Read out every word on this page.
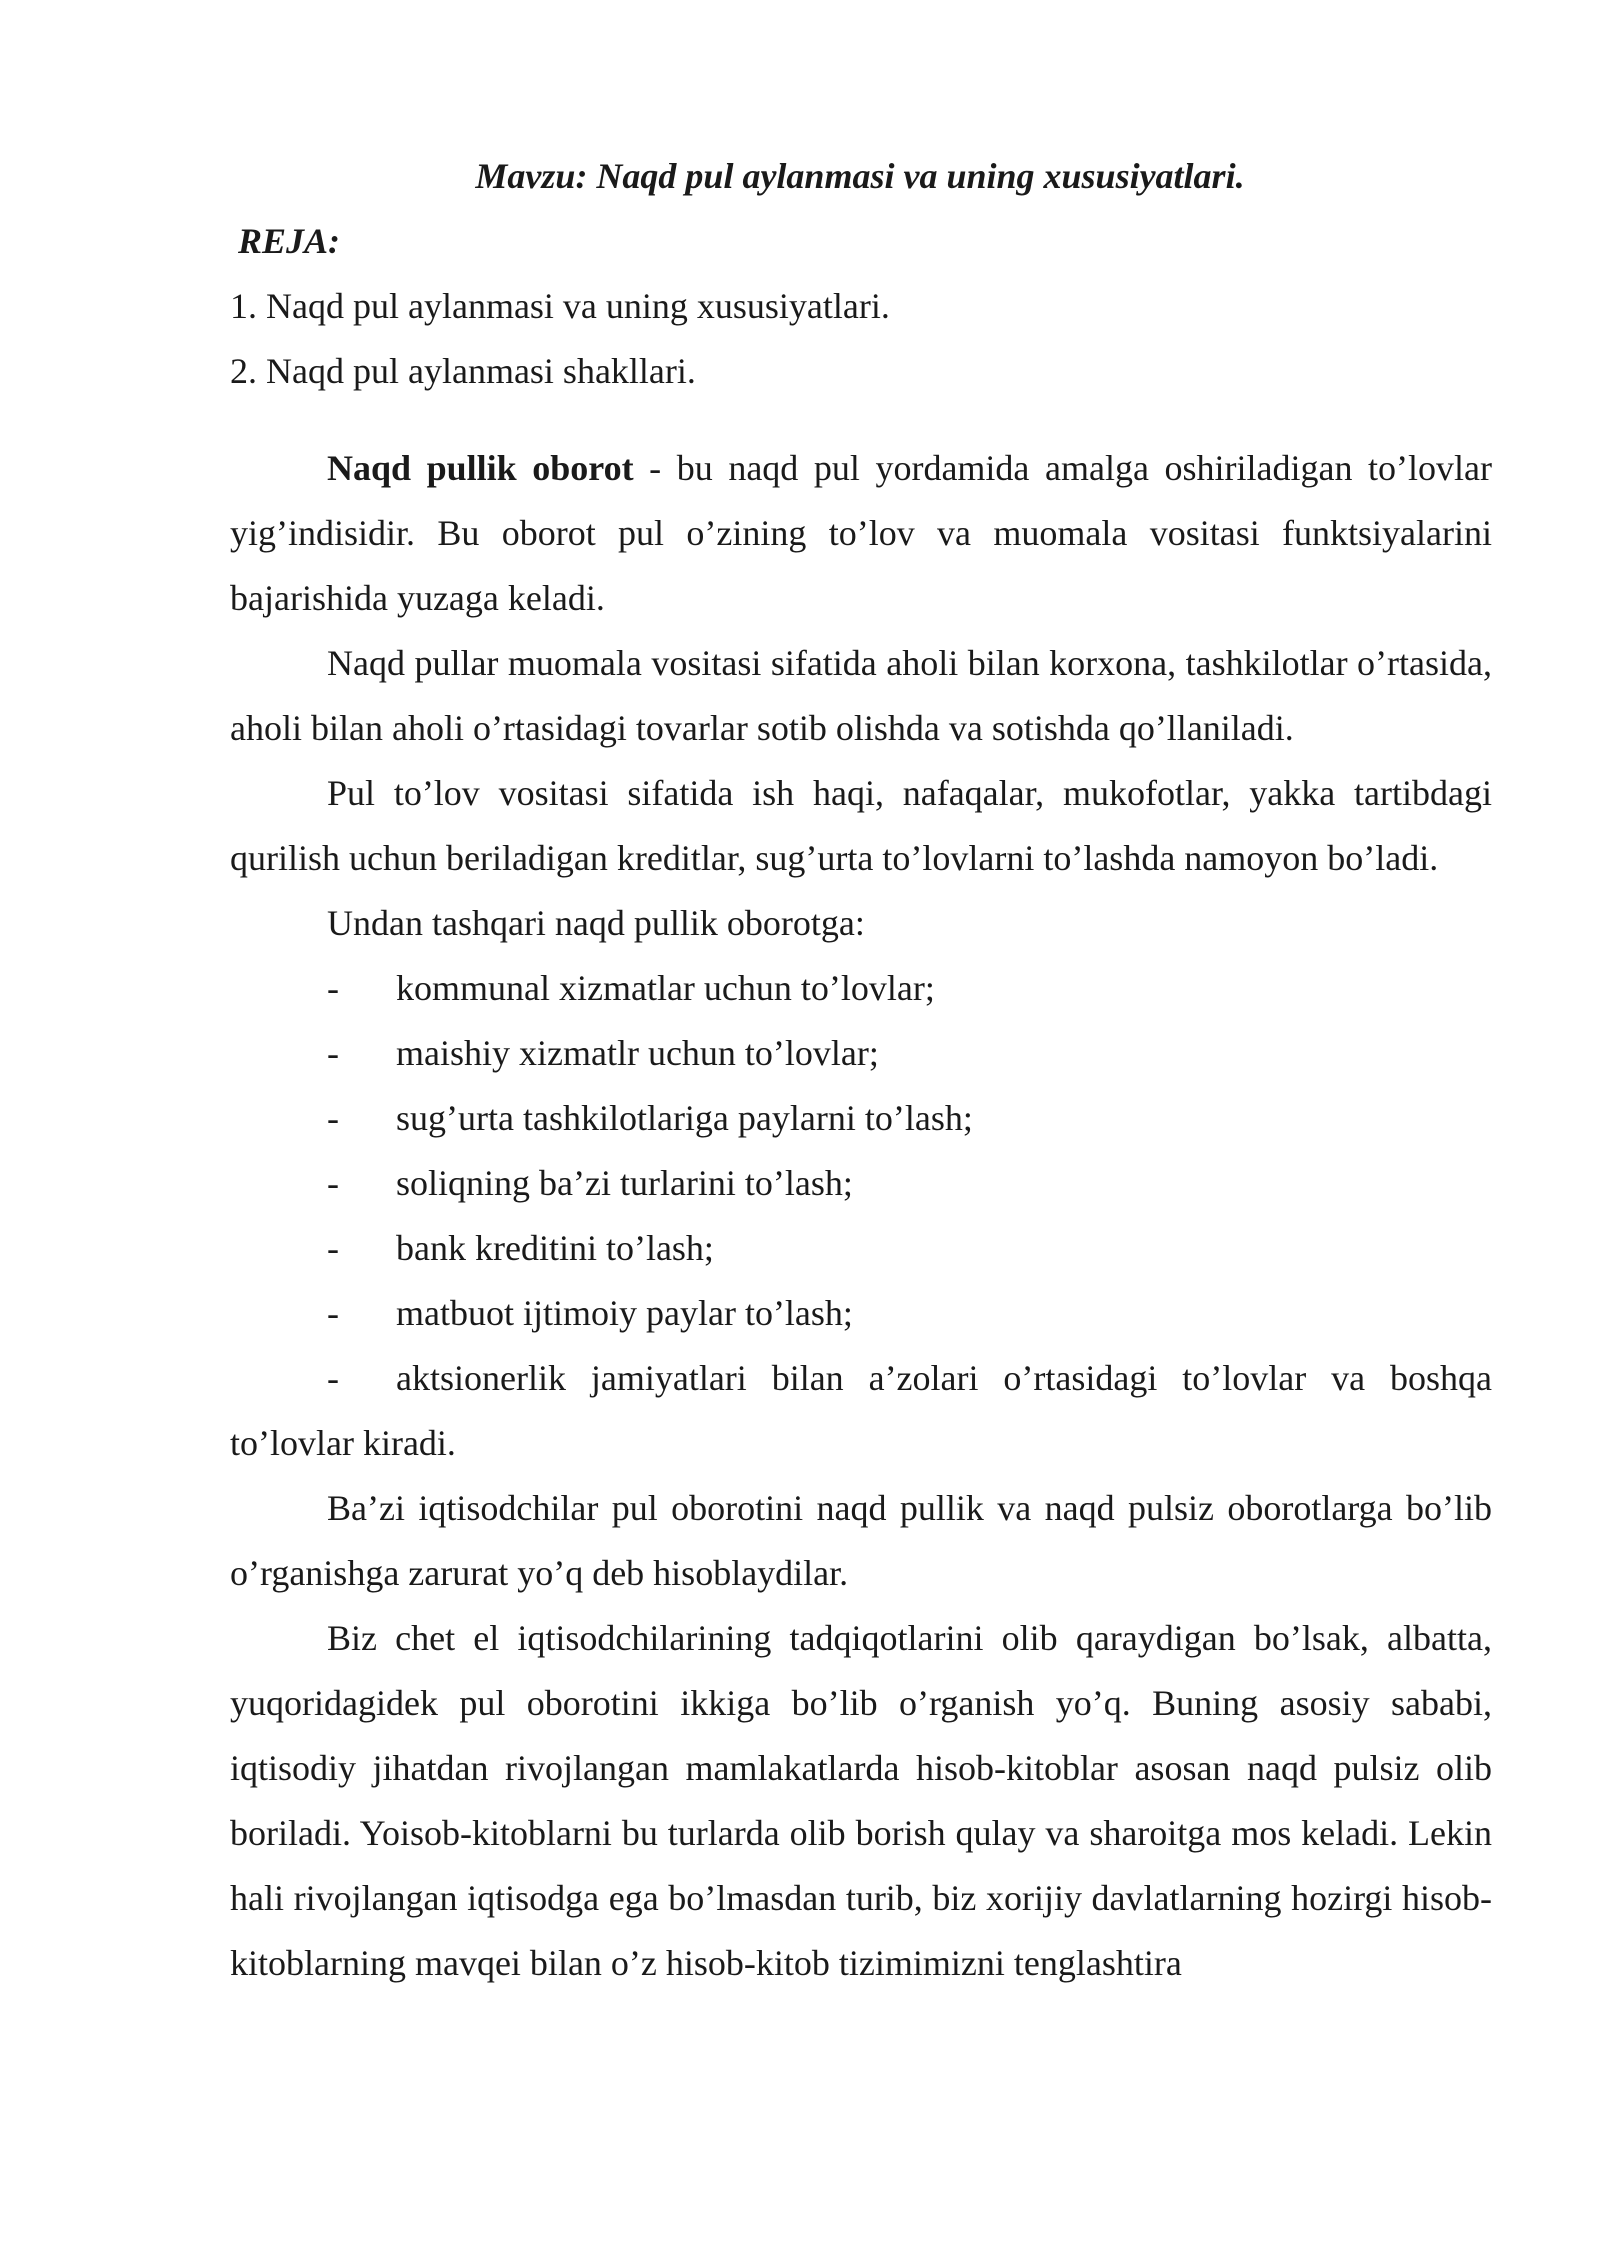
Mavzu: Naqd pul aylanmasi va uning xususiyatlari.
REJA:
1. Naqd pul aylanmasi va uning xususiyatlari.
2. Naqd pul aylanmasi shakllari.

Naqd pullik oborot - bu naqd pul yordamida amalga oshiriladigan to’lovlar yig’indisidir. Bu oborot pul o’zining to’lov va muomala vositasi funktsiyalarini bajarishida yuzaga keladi.

Naqd pullar muomala vositasi sifatida aholi bilan korxona, tashkilotlar o’rtasida, aholi bilan aholi o’rtasidagi tovarlar sotib olishda va sotishda qo’llaniladi.

Pul to’lov vositasi sifatida ish haqi, nafaqalar, mukofotlar, yakka tartibdagi qurilish uchun beriladigan kreditlar, sug’urta to’lovlarni to’lashda namoyon bo’ladi.

Undan tashqari naqd pullik oborotga:

- kommunal xizmatlar uchun to’lovlar;

- maishiy xizmatlr uchun to’lovlar;

- sug’urta tashkilotlariga paylarni to’lash;

- soliqning ba’zi turlarini to’lash;

- bank kreditini to’lash;

- matbuot ijtimoiy paylar to’lash;

- aktsionerlik jamiyatlari bilan a’zolari o’rtasidagi to’lovlar va boshqa to’lovlar kiradi.

Ba’zi iqtisodchilar pul oborotini naqd pullik va naqd pulsiz oborotlarga bo’lib o’rganishga zarurat yo’q deb hisoblaydilar.

Biz chet el iqtisodchilarining tadqiqotlarini olib qaraydigan bo’lsak, albatta, yuqoridagidek pul oborotini ikkiga bo’lib o’rganish yo’q. Buning asosiy sababi, iqtisodiy jihatdan rivojlangan mamlakatlarda hisob-kitoblar asosan naqd pulsiz olib boriladi. Yoisob-kitoblarni bu turlarda olib borish qulay va sharoitga mos keladi. Lekin hali rivojlangan iqtisodga ega bo’lmasdan turib, biz xorijiy davlatlarning hozirgi hisob-kitoblarning mavqei bilan o’z hisob-kitob tizimimizni tenglashtira
